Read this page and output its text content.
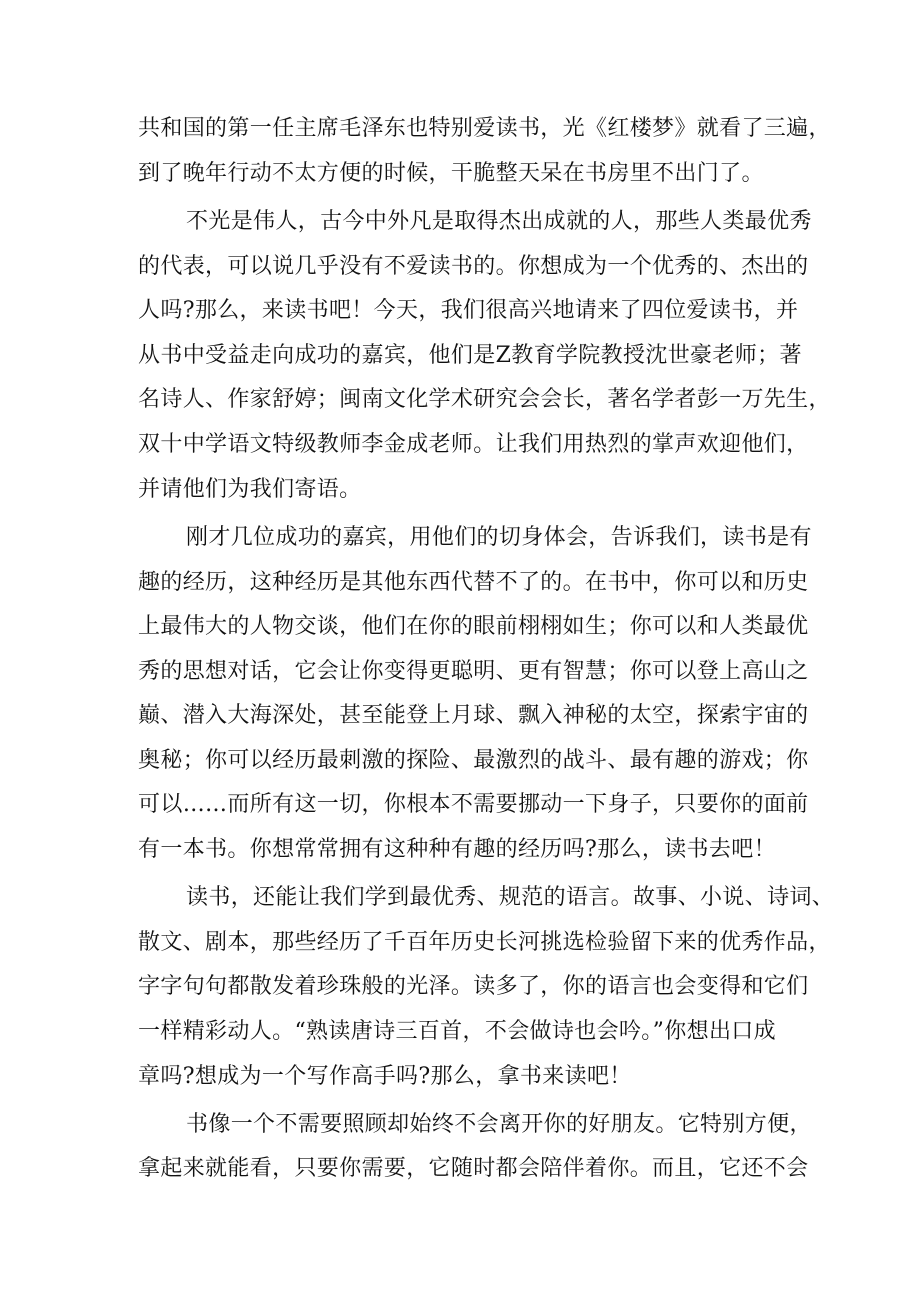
共和国的第一任主席毛泽东也特别爱读书，光《红楼梦》就看了三遍，
到了晚年行动不太方便的时候，干脆整天呆在书房里不出门了。
不光是伟人，古今中外凡是取得杰出成就的人，那些人类最优秀
的代表，可以说几乎没有不爱读书的。你想成为一个优秀的、杰出的
人吗?那么，来读书吧！今天，我们很高兴地请来了四位爱读书，并
从书中受益走向成功的嘉宾，他们是Z教育学院教授沈世豪老师；著
名诗人、作家舒婷；闽南文化学术研究会会长，著名学者彭一万先生，
双十中学语文特级教师李金成老师。让我们用热烈的掌声欢迎他们，
并请他们为我们寄语。
刚才几位成功的嘉宾，用他们的切身体会，告诉我们，读书是有
趣的经历，这种经历是其他东西代替不了的。在书中，你可以和历史
上最伟大的人物交谈，他们在你的眼前栩栩如生；你可以和人类最优
秀的思想对话，它会让你变得更聪明、更有智慧；你可以登上高山之
巅、潜入大海深处，甚至能登上月球、飘入神秘的太空，探索宇宙的
奥秘；你可以经历最刺激的探险、最激烈的战斗、最有趣的游戏；你
可以……而所有这一切，你根本不需要挪动一下身子，只要你的面前
有一本书。你想常常拥有这种种有趣的经历吗?那么，读书去吧！
读书，还能让我们学到最优秀、规范的语言。故事、小说、诗词、
散文、剧本，那些经历了千百年历史长河挑选检验留下来的优秀作品，
字字句句都散发着珍珠般的光泽。读多了，你的语言也会变得和它们
一样精彩动人。“熟读唐诗三百首，不会做诗也会吟。”你想出口成
章吗?想成为一个写作高手吗?那么，拿书来读吧！
书像一个不需要照顾却始终不会离开你的好朋友。它特别方便，
拿起来就能看，只要你需要，它随时都会陪伴着你。而且，它还不会
